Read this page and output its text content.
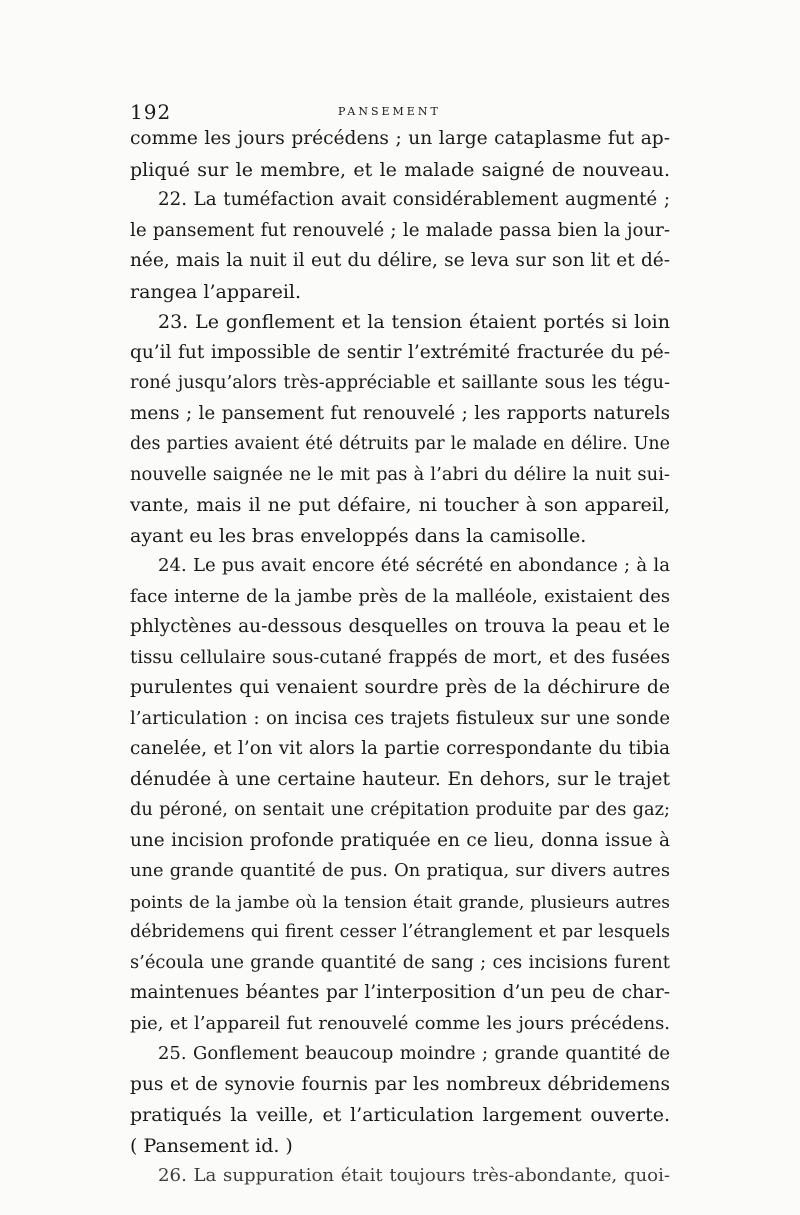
192	PANSEMENT
comme les jours précédens ; un large cataplasme fut ap-
pliqué sur le membre, et le malade saigné de nouveau.
22. La tuméfaction avait considérablement augmenté ;
le pansement fut renouvelé ; le malade passa bien la jour-
née, mais la nuit il eut du délire, se leva sur son lit et dé-
rangea l’appareil.
23. Le gonflement et la tension étaient portés si loin
qu’il fut impossible de sentir l’extrémité fracturée du pé-
roné jusqu’alors très-appréciable et saillante sous les tégu-
mens ; le pansement fut renouvelé ; les rapports naturels
des parties avaient été détruits par le malade en délire. Une
nouvelle saignée ne le mit pas à l’abri du délire la nuit sui-
vante, mais il ne put défaire, ni toucher à son appareil,
ayant eu les bras enveloppés dans la camisolle.
24. Le pus avait encore été sécrété en abondance ; à la
face interne de la jambe près de la malléole, existaient des
phlyctènes au-dessous desquelles on trouva la peau et le
tissu cellulaire sous-cutané frappés de mort, et des fusées
purulentes qui venaient sourdre près de la déchirure de
l’articulation : on incisa ces trajets fistuleux sur une sonde
canelée, et l’on vit alors la partie correspondante du tibia
dénudée à une certaine hauteur. En dehors, sur le trajet
du péroné, on sentait une crépitation produite par des gaz;
une incision profonde pratiquée en ce lieu, donna issue à
une grande quantité de pus. On pratiqua, sur divers autres
points de la jambe où la tension était grande, plusieurs autres
débridemens qui firent cesser l’étranglement et par lesquels
s’écoula une grande quantité de sang ; ces incisions furent
maintenues béantes par l’interposition d’un peu de char-
pie, et l’appareil fut renouvelé comme les jours précédens.
25. Gonflement beaucoup moindre ; grande quantité de
pus et de synovie fournis par les nombreux débridemens
pratiqués la veille, et l’articulation largement ouverte.
( Pansement id. )
26. La suppuration était toujours très-abondante, quoi-
